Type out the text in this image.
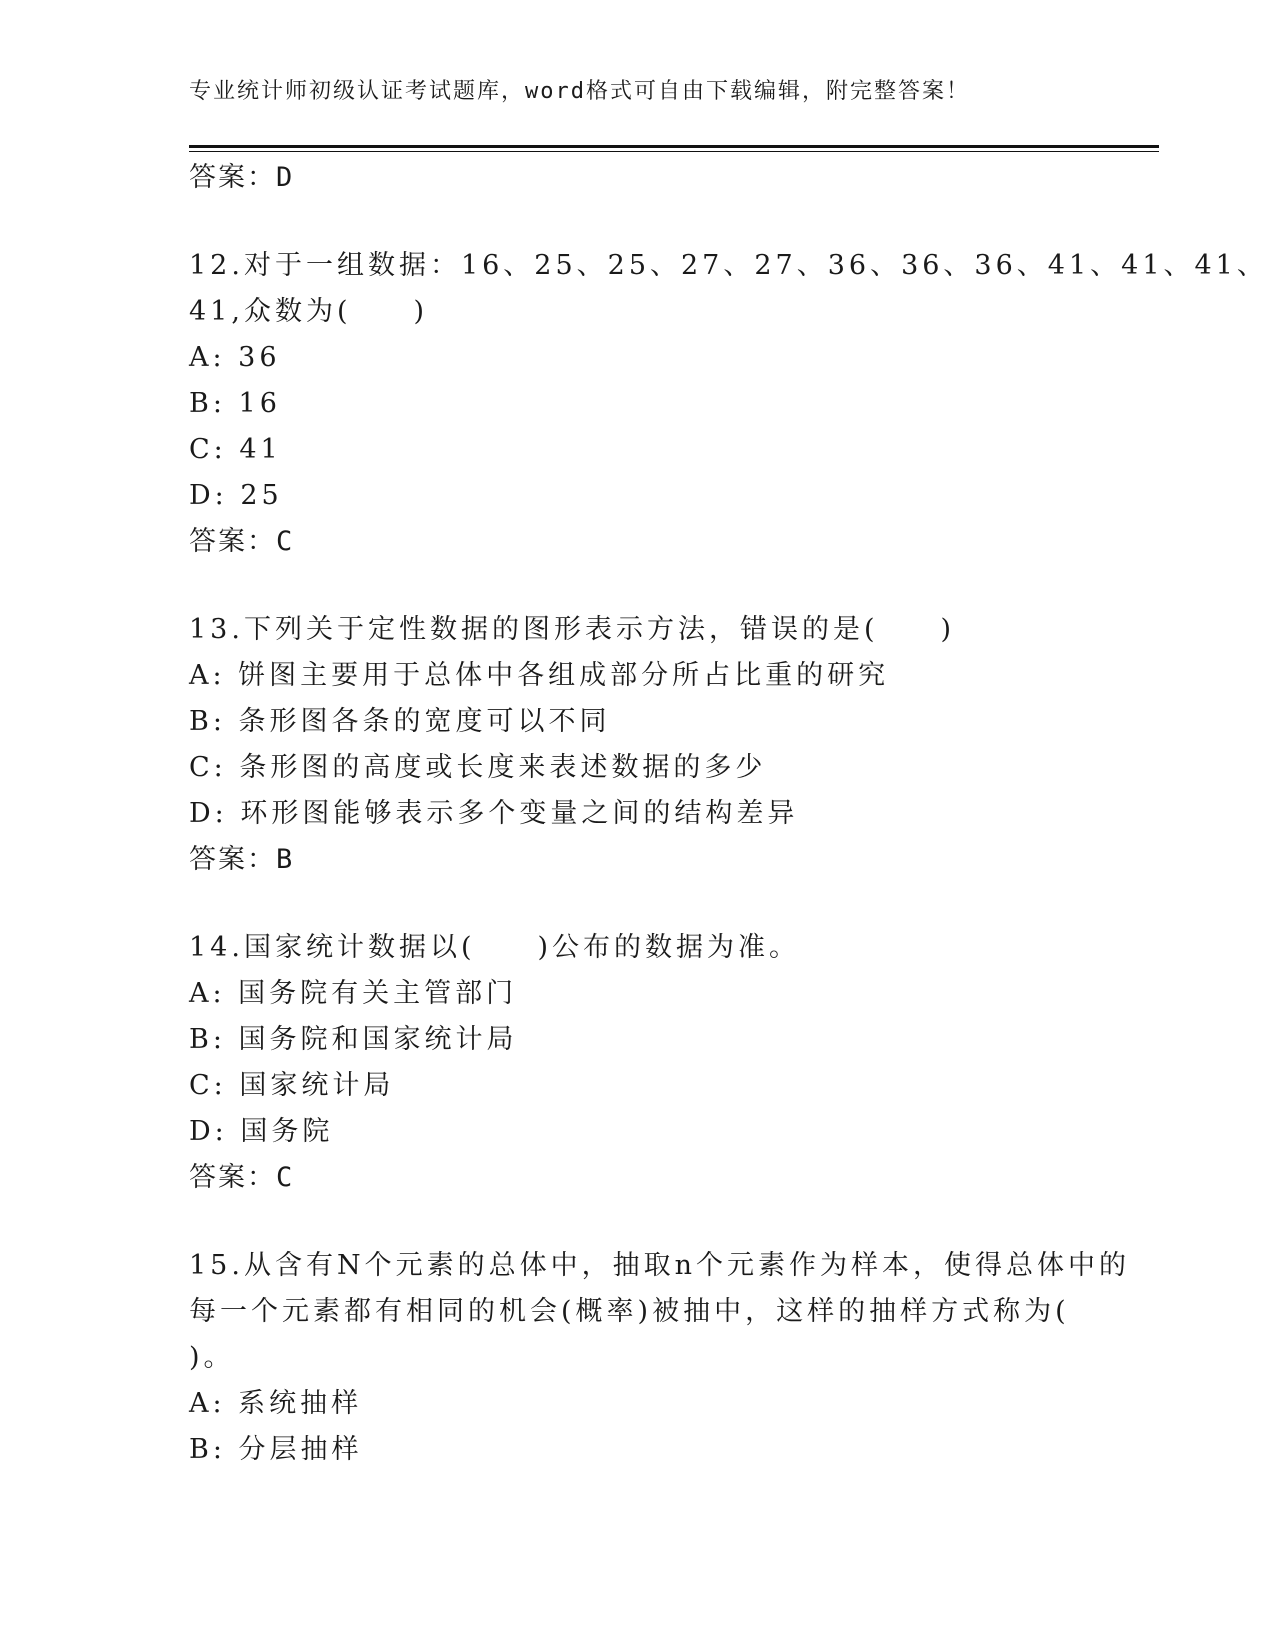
专业统计师初级认证考试题库，word格式可自由下载编辑，附完整答案！
答案：D
12.对于一组数据：16、25、25、27、27、36、36、36、41、41、41、
41,众数为(　　)
A: 36
B: 16
C: 41
D: 25
答案：C
13.下列关于定性数据的图形表示方法，错误的是(　　)
A: 饼图主要用于总体中各组成部分所占比重的研究
B: 条形图各条的宽度可以不同
C: 条形图的高度或长度来表述数据的多少
D: 环形图能够表示多个变量之间的结构差异
答案：B
14.国家统计数据以(　　)公布的数据为准。
A: 国务院有关主管部门
B: 国务院和国家统计局
C: 国家统计局
D: 国务院
答案：C
15.从含有N个元素的总体中，抽取n个元素作为样本，使得总体中的
每一个元素都有相同的机会(概率)被抽中，这样的抽样方式称为(
)。
A: 系统抽样
B: 分层抽样
